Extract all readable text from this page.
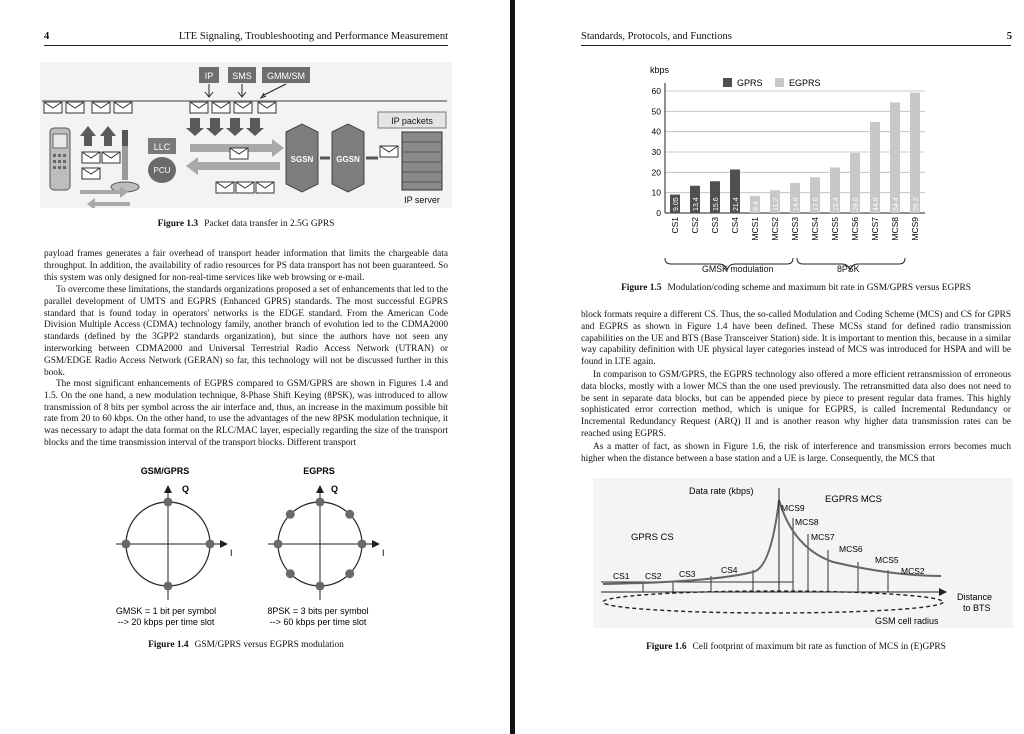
4	LTE Signaling, Troubleshooting and Performance Measurement
IP SMS GMM/SM
LLC
PCU
SGSN	GGSN
IP packets
IP server
Figure 1.3 Packet data transfer in 2.5G GPRS

payload frames generates a fair overhead of transport header information that limits the chargeable data throughput. In addition, the availability of radio resources for PS data transport has not been guaranteed. So this system was only designed for non-real-time services like web browsing or e-mail.

To overcome these limitations, the standards organizations proposed a set of enhancements that led to the parallel development of UMTS and EGPRS (Enhanced GPRS) standards. The most successful EGPRS standard that is found today in operators' networks is the EDGE standard. From the American Code Division Multiple Access (CDMA) technology family, another branch of evolution led to the CDMA2000 standards (defined by the 3GPP2 standards organization), but since the authors have not seen any interworking between CDMA2000 and Universal Terrestrial Radio Access Network (UTRAN) or GSM/EDGE Radio Access Network (GERAN) so far, this technology will not be discussed further in this book.

The most significant enhancements of EGPRS compared to GSM/GPRS are shown in Figures 1.4 and 1.5. On the one hand, a new modulation technique, 8-Phase Shift Keying (8PSK), was introduced to allow transmission of 8 bits per symbol across the air interface and, thus, an increase in the maximum possible bit rate from 20 to 60 kbps. On the other hand, to use the advantages of the new 8PSK modulation technique, it was necessary to adapt the data format on the RLC/MAC layer, especially regarding the size of the transport blocks and the time transmission interval of the transport blocks. Different transport

GSM/GPRS
Q
I
GMSK = 1 bit per symbol
--> 20 kbps per time slot
EGPRS
Q
I
8PSK = 3 bits per symbol
--> 60 kbps per time slot
Figure 1.4 GSM/GPRS versus EGPRS modulation
Standards, Protocols, and Functions	5
kbps
GPRS	EGPRS
0
10
20
30
40
50
60
9.05 13.4 15.6 21.4 8.4 11.2 14.8 17.6 22.4 29.6 44.8 54.4 59.2
CS1 CS2 CS3 CS4 MCS1 MCS2 MCS3 MCS4 MCS5 MCS6 MCS7 MCS8 MCS9
GMSK modulation	8PSK
Figure 1.5 Modulation/coding scheme and maximum bit rate in GSM/GPRS versus EGPRS

block formats require a different CS. Thus, the so-called Modulation and Coding Scheme (MCS) and CS for GPRS and EGPRS as shown in Figure 1.4 have been defined. These MCSs stand for defined radio transmission capabilities on the UE and BTS (Base Transceiver Station) side. It is important to mention this, because in a similar way capability definition with UE physical layer categories instead of MCS was introduced for HSPA and will be found in LTE again.

In comparison to GSM/GPRS, the EGPRS technology also offered a more efficient retransmission of erroneous data blocks, mostly with a lower MCS than the one used previously. The retransmitted data also does not need to be sent in separate data blocks, but can be appended piece by piece to present regular data frames. This highly sophisticated error correction method, which is unique for EGPRS, is called Incremental Redundancy or Incremental Redundancy Request (ARQ) II and is another reason why higher data transmission rates can be reached using EGPRS.

As a matter of fact, as shown in Figure 1.6, the risk of interference and transmission errors becomes much higher when the distance between a base station and a UE is large. Consequently, the MCS that

Data rate (kbps)
EGPRS MCS
GPRS CS
CS1 CS2 CS3	CS4
MCS9
MCS8
MCS7
MCS6
MCS5
MCS2
Distance
to BTS
GSM cell radius
Figure 1.6 Cell footprint of maximum bit rate as function of MCS in (E)GPRS
